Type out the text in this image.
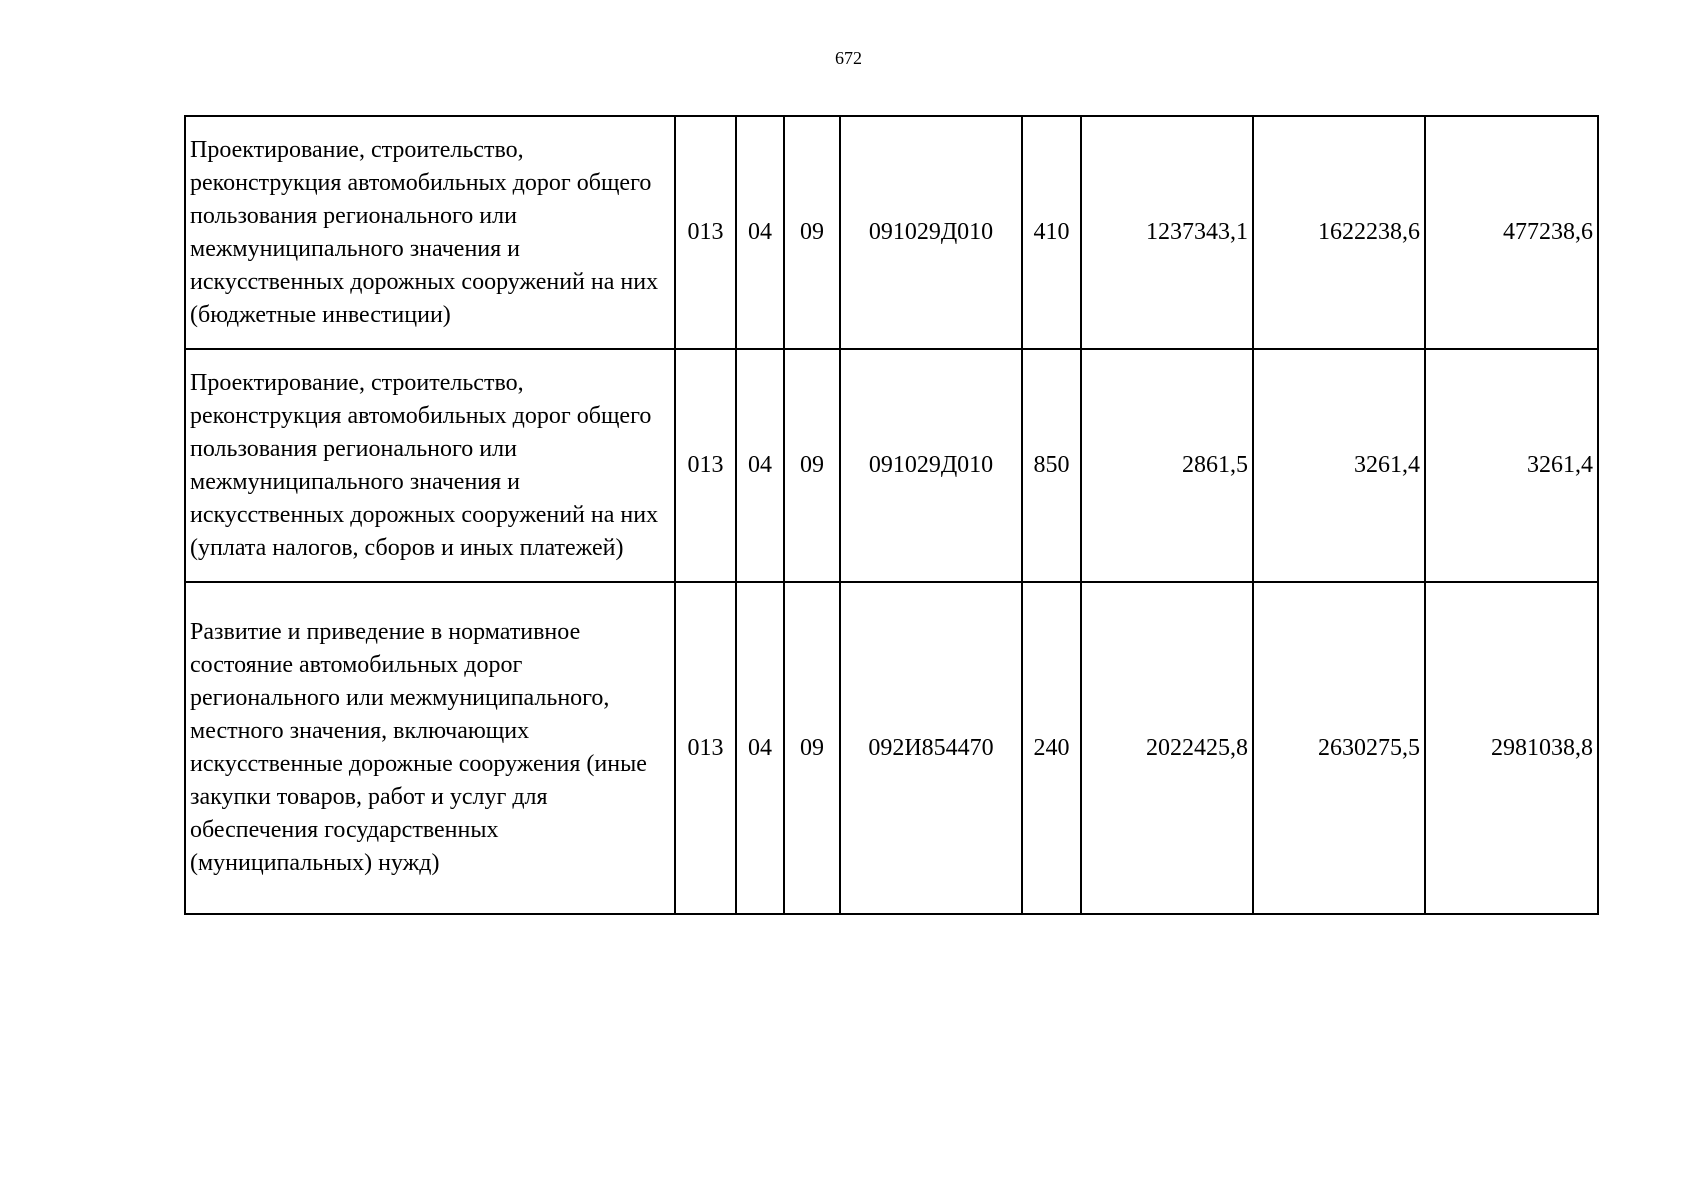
672
Проектирование, строительство, реконструкция автомобильных дорог общего пользования регионального или межмуниципального значения и искусственных дорожных сооружений на них (бюджетные инвестиции)	013	04	09	091029Д010	410	1237343,1	1622238,6	477238,6
Проектирование, строительство, реконструкция автомобильных дорог общего пользования регионального или межмуниципального значения и искусственных дорожных сооружений на них (уплата налогов, сборов и иных платежей)	013	04	09	091029Д010	850	2861,5	3261,4	3261,4
Развитие и приведение в нормативное состояние автомобильных дорог регионального или межмуниципального, местного значения, включающих искусственные дорожные сооружения (иные закупки товаров, работ и услуг для обеспечения государственных (муниципальных) нужд)	013	04	09	092И854470	240	2022425,8	2630275,5	2981038,8
